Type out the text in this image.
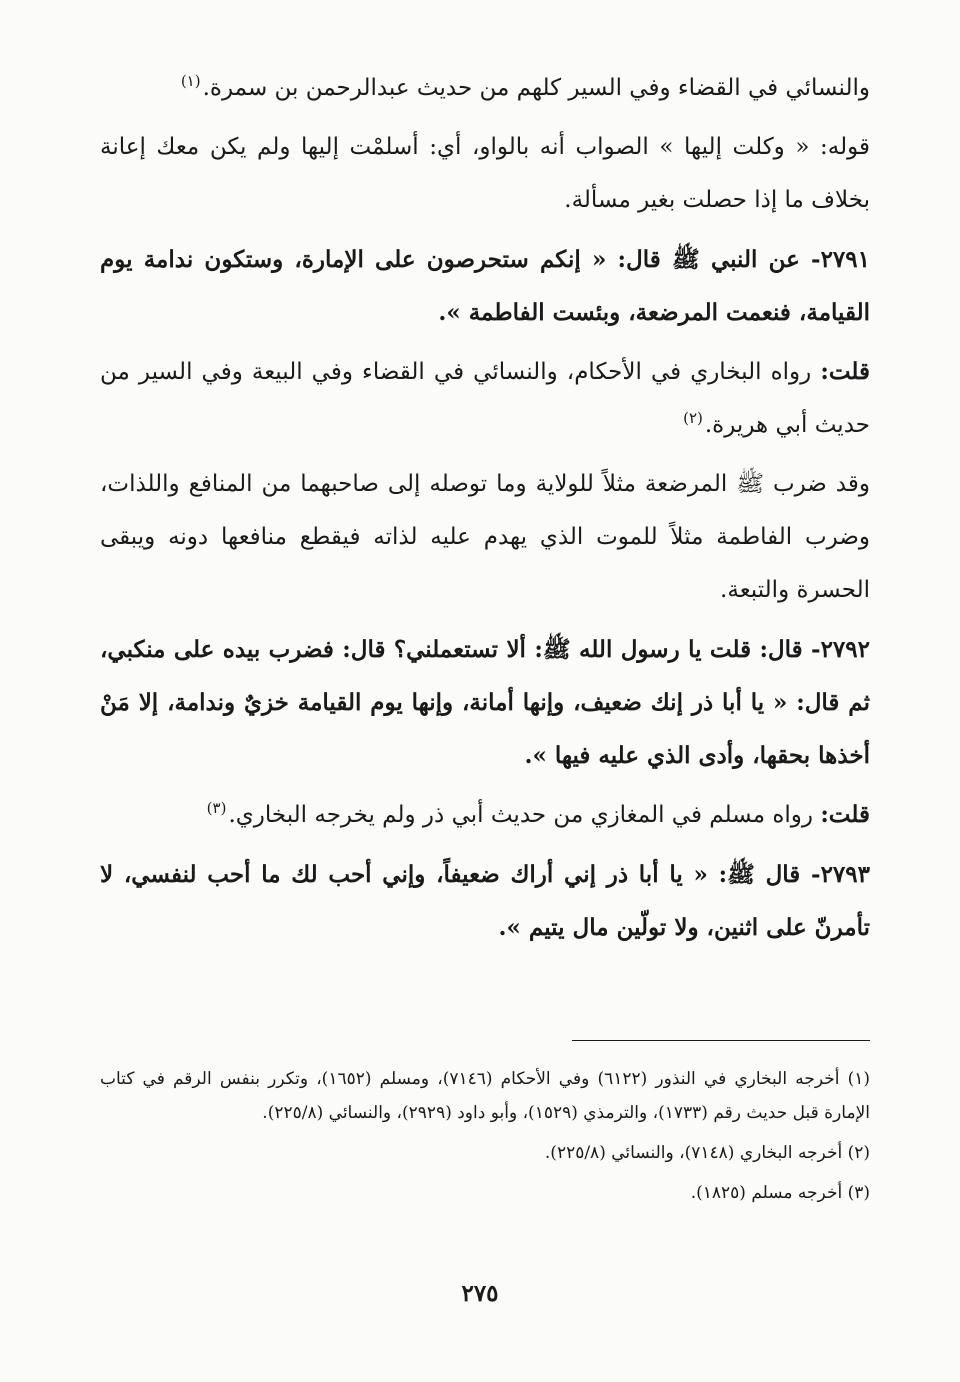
والنسائي في القضاء وفي السير كلهم من حديث عبدالرحمن بن سمرة.$^{(١)}$

قوله: « وكلت إليها » الصواب أنه بالواو، أي: أسلمْت إليها ولم يكن معك إعانة بخلاف ما إذا حصلت بغير مسألة.

٢٧٩١- عن النبي ﷺ قال: « إنكم ستحرصون على الإمارة، وستكون ندامة يوم القيامة، فنعمت المرضعة، وبئست الفاطمة ».

قلت: رواه البخاري في الأحكام، والنسائي في القضاء وفي البيعة وفي السير من حديث أبي هريرة.$^{(٢)}$

وقد ضرب ﷺ المرضعة مثلاً للولاية وما توصله إلى صاحبهما من المنافع واللذات، وضرب الفاطمة مثلاً للموت الذي يهدم عليه لذاته فيقطع منافعها دونه ويبقى الحسرة والتبعة.

٢٧٩٢- قال: قلت يا رسول الله ﷺ: ألا تستعملني؟ قال: فضرب بيده على منكبي، ثم قال: « يا أبا ذر إنك ضعيف، وإنها أمانة، وإنها يوم القيامة خزيٌ وندامة، إلا مَنْ أخذها بحقها، وأدى الذي عليه فيها ».

قلت: رواه مسلم في المغازي من حديث أبي ذر ولم يخرجه البخاري.$^{(٣)}$

٢٧٩٣- قال ﷺ: « يا أبا ذر إني أراك ضعيفاً، وإني أحب لك ما أحب لنفسي، لا تأمرنّ على اثنين، ولا تولّين مال يتيم ».

(١) أخرجه البخاري في النذور (٦١٢٢) وفي الأحكام (٧١٤٦)، ومسلم (١٦٥٢)، وتكرر بنفس الرقم في كتاب الإمارة قبل حديث رقم (١٧٣٣)، والترمذي (١٥٢٩)، وأبو داود (٢٩٢٩)، والنسائي (٢٢٥/٨).

(٢) أخرجه البخاري (٧١٤٨)، والنسائي (٢٢٥/٨).

(٣) أخرجه مسلم (١٨٢٥).

٢٧٥
